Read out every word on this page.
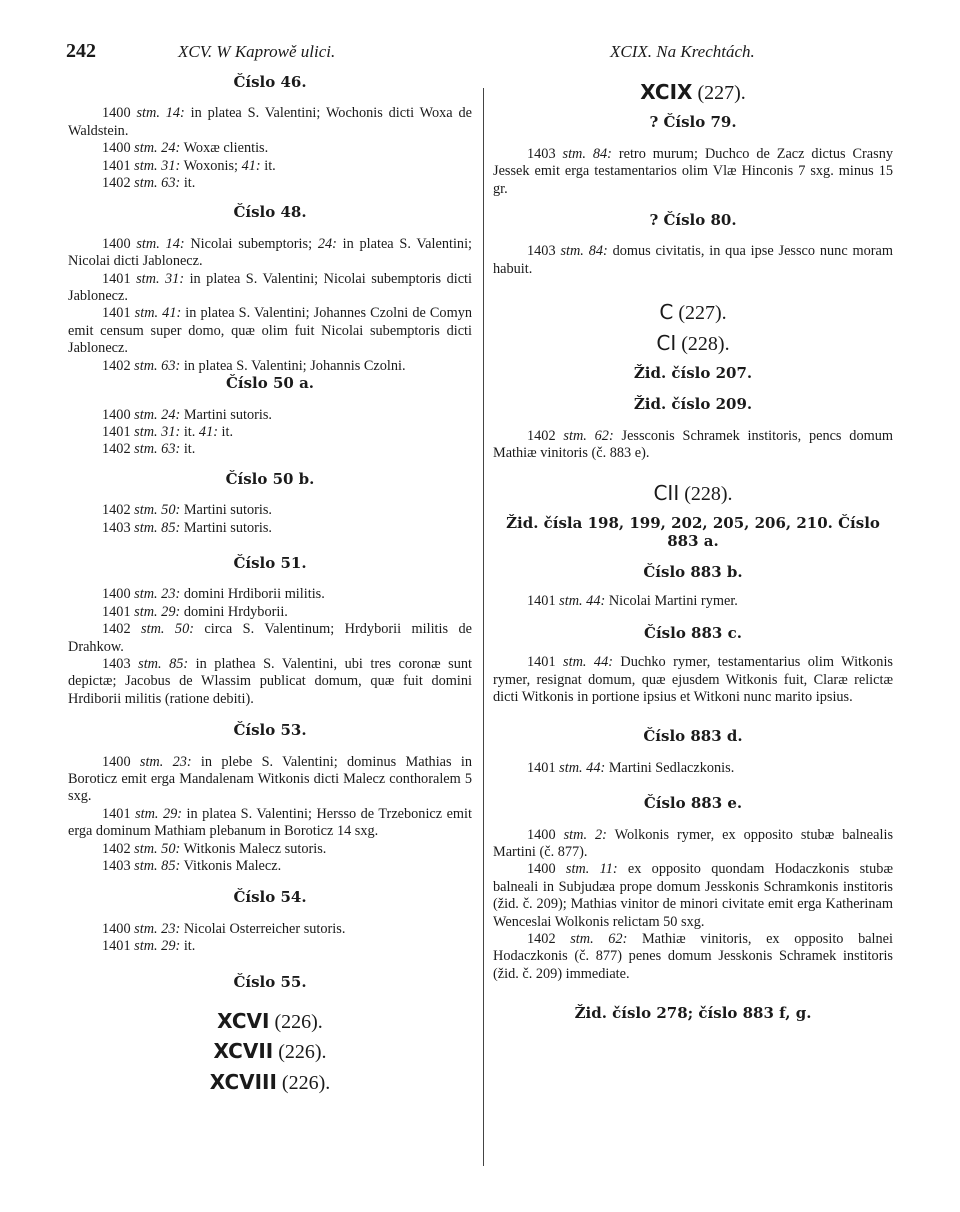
242	XCV. W Kaprowě ulici.	XCIX. Na Krechtách.
Číslo 46.

1400 stm. 14: in platea S. Valentini; Wochonis dicti Woxa de Waldstein.

1400 stm. 24: Woxæ clientis.

1401 stm. 31: Woxonis; 41: it.

1402 stm. 63: it.

Číslo 48.

1400 stm. 14: Nicolai subemptoris; 24: in platea S. Valentini; Nicolai dicti Jablonecz.

1401 stm. 31: in platea S. Valentini; Nicolai subemptoris dicti Jablonecz.

1401 stm. 41: in platea S. Valentini; Johannes Czolni de Comyn emit censum super domo, quæ olim fuit Nicolai subemptoris dicti Jablonecz.

1402 stm. 63: in platea S. Valentini; Johannis Czolni.

Číslo 50 a.

1400 stm. 24: Martini sutoris.

1401 stm. 31: it. 41: it.

1402 stm. 63: it.

Číslo 50 b.

1402 stm. 50: Martini sutoris.

1403 stm. 85: Martini sutoris.

Číslo 51.

1400 stm. 23: domini Hrdiborii militis.

1401 stm. 29: domini Hrdyborii.

1402 stm. 50: circa S. Valentinum; Hrdyborii militis de Drahkow.

1403 stm. 85: in plathea S. Valentini, ubi tres coronæ sunt depictæ; Jacobus de Wlassim publicat domum, quæ fuit domini Hrdiborii militis (ratione debiti).

Číslo 53.

1400 stm. 23: in plebe S. Valentini; dominus Mathias in Boroticz emit erga Mandalenam Witkonis dicti Malecz conthoralem 5 sxg.

1401 stm. 29: in platea S. Valentini; Hersso de Trzebonicz emit erga dominum Mathiam plebanum in Boroticz 14 sxg.

1402 stm. 50: Witkonis Malecz sutoris.

1403 stm. 85: Vitkonis Malecz.

Číslo 54.

1400 stm. 23: Nicolai Osterreicher sutoris.

1401 stm. 29: it.

Číslo 55.
XCVI (226).
XCVII (226).
XCVIII (226).
XCIX (227).
? Číslo 79.

1403 stm. 84: retro murum; Duchco de Zacz dictus Crasny Jessek emit erga testamentarios olim Vlæ Hinconis 7 sxg. minus 15 gr.

? Číslo 80.

1403 stm. 84: domus civitatis, in qua ipse Jessco nunc moram habuit.

C (227).
CI (228).
Žid. číslo 207.
Žid. číslo 209.

1402 stm. 62: Jessconis Schramek institoris, pencs domum Mathiæ vinitoris (č. 883 e).

CII (228).
Žid. čísla 198, 199, 202, 205, 206, 210. Číslo 883 a.
Číslo 883 b.

1401 stm. 44: Nicolai Martini rymer.

Číslo 883 c.

1401 stm. 44: Duchko rymer, testamentarius olim Witkonis rymer, resignat domum, quæ ejusdem Witkonis fuit, Claræ relictæ dicti Witkonis in portione ipsius et Witkoni nunc marito ipsius.

Číslo 883 d.

1401 stm. 44: Martini Sedlaczkonis.

Číslo 883 e.

1400 stm. 2: Wolkonis rymer, ex opposito stubæ balnealis Martini (č. 877).

1400 stm. 11: ex opposito quondam Hodaczkonis stubæ balneali in Subjudæa prope domum Jesskonis Schramkonis institoris (žid. č. 209); Mathias vinitor de minori civitate emit erga Katherinam Wenceslai Wolkonis relictam 50 sxg.

1402 stm. 62: Mathiæ vinitoris, ex opposito balnei Hodaczkonis (č. 877) penes domum Jesskonis Schramek institoris (žid. č. 209) immediate.

Žid. číslo 278; číslo 883 f, g.
